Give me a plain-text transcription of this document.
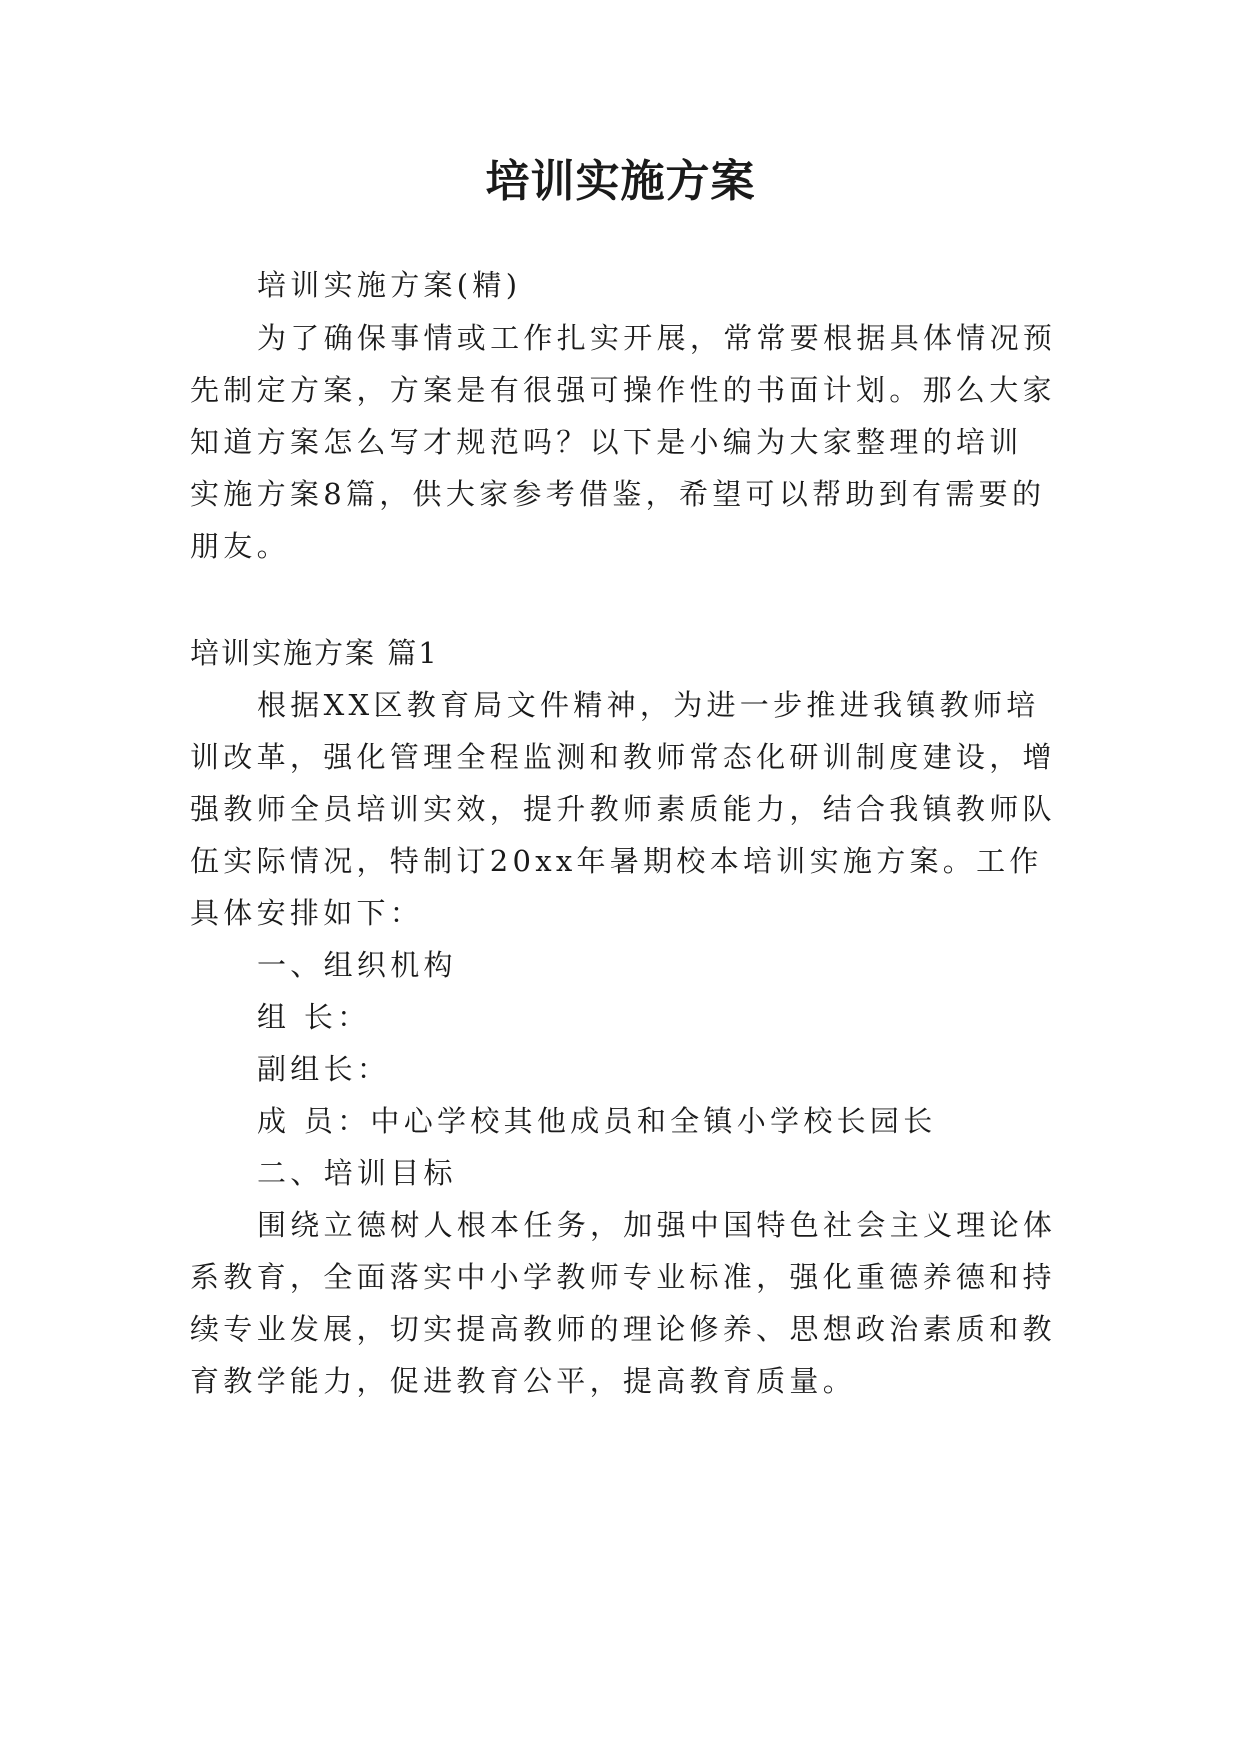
培训实施方案
培训实施方案(精)
为了确保事情或工作扎实开展，常常要根据具体情况预
先制定方案，方案是有很强可操作性的书面计划。那么大家
知道方案怎么写才规范吗？以下是小编为大家整理的培训
实施方案8篇，供大家参考借鉴，希望可以帮助到有需要的
朋友。
培训实施方案 篇1
根据XX区教育局文件精神，为进一步推进我镇教师培
训改革，强化管理全程监测和教师常态化研训制度建设，增
强教师全员培训实效，提升教师素质能力，结合我镇教师队
伍实际情况，特制订20xx年暑期校本培训实施方案。工作
具体安排如下：
一、组织机构
组 长：
副组长：
成 员：中心学校其他成员和全镇小学校长园长
二、培训目标
围绕立德树人根本任务，加强中国特色社会主义理论体
系教育，全面落实中小学教师专业标准，强化重德养德和持
续专业发展，切实提高教师的理论修养、思想政治素质和教
育教学能力，促进教育公平，提高教育质量。
